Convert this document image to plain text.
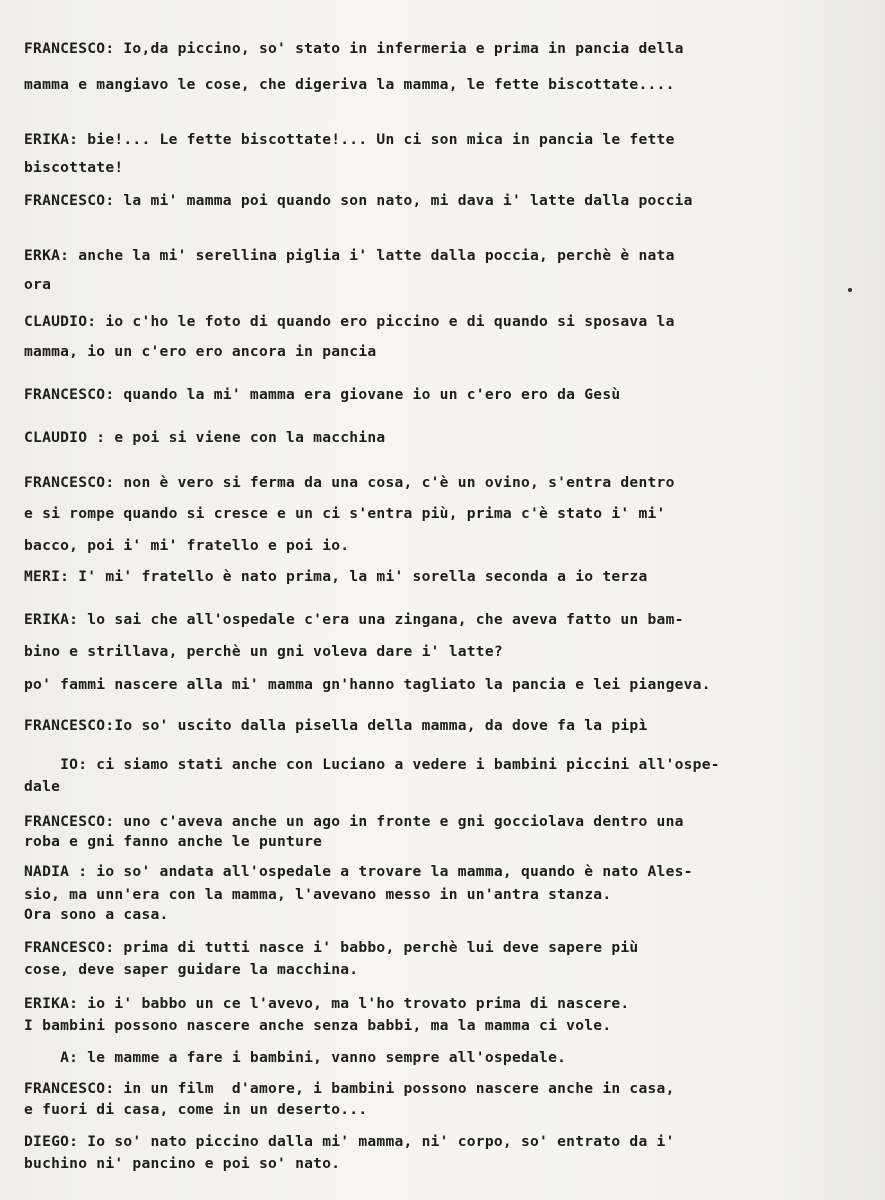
FRANCESCO: Io,da piccino, so' stato in infermeria e prima in pancia della
mamma e mangiavo le cose, che digeriva la mamma, le fette biscottate....
ERIKA: bie!... Le fette biscottate!... Un ci son mica in pancia le fette
biscottate!
FRANCESCO: la mi' mamma poi quando son nato, mi dava i' latte dalla poccia
ERKA: anche la mi' serellina piglia i' latte dalla poccia, perchè è nata
ora
CLAUDIO: io c'ho le foto di quando ero piccino e di quando si sposava la
mamma, io un c'ero ero ancora in pancia
FRANCESCO: quando la mi' mamma era giovane io un c'ero ero da Gesù
CLAUDIO : e poi si viene con la macchina
FRANCESCO: non è vero si ferma da una cosa, c'è un ovino, s'entra dentro
e si rompe quando si cresce e un ci s'entra più, prima c'è stato i' mi'
bacco, poi i' mi' fratello e poi io.
MERI: I' mi' fratello è nato prima, la mi' sorella seconda a io terza
ERIKA: lo sai che all'ospedale c'era una zingana, che aveva fatto un bam-
bino e strillava, perchè un gni voleva dare i' latte?
po' fammi nascere alla mi' mamma gn'hanno tagliato la pancia e lei piangeva.
FRANCESCO:Io so' uscito dalla pisella della mamma, da dove fa la pipì
IO: ci siamo stati anche con Luciano a vedere i bambini piccini all'ospe-
dale
FRANCESCO: uno c'aveva anche un ago in fronte e gni gocciolava dentro una
roba e gni fanno anche le punture
NADIA : io so' andata all'ospedale a trovare la mamma, quando è nato Ales-
sio, ma unn'era con la mamma, l'avevano messo in un'antra stanza.
Ora sono a casa.
FRANCESCO: prima di tutti nasce i' babbo, perchè lui deve sapere più
cose, deve saper guidare la macchina.
ERIKA: io i' babbo un ce l'avevo, ma l'ho trovato prima di nascere.
I bambini possono nascere anche senza babbi, ma la mamma ci vole.
A: le mamme a fare i bambini, vanno sempre all'ospedale.
FRANCESCO: in un film  d'amore, i bambini possono nascere anche in casa,
e fuori di casa, come in un deserto...
DIEGO: Io so' nato piccino dalla mi' mamma, ni' corpo, so' entrato da i'
buchino ni' pancino e poi so' nato.
